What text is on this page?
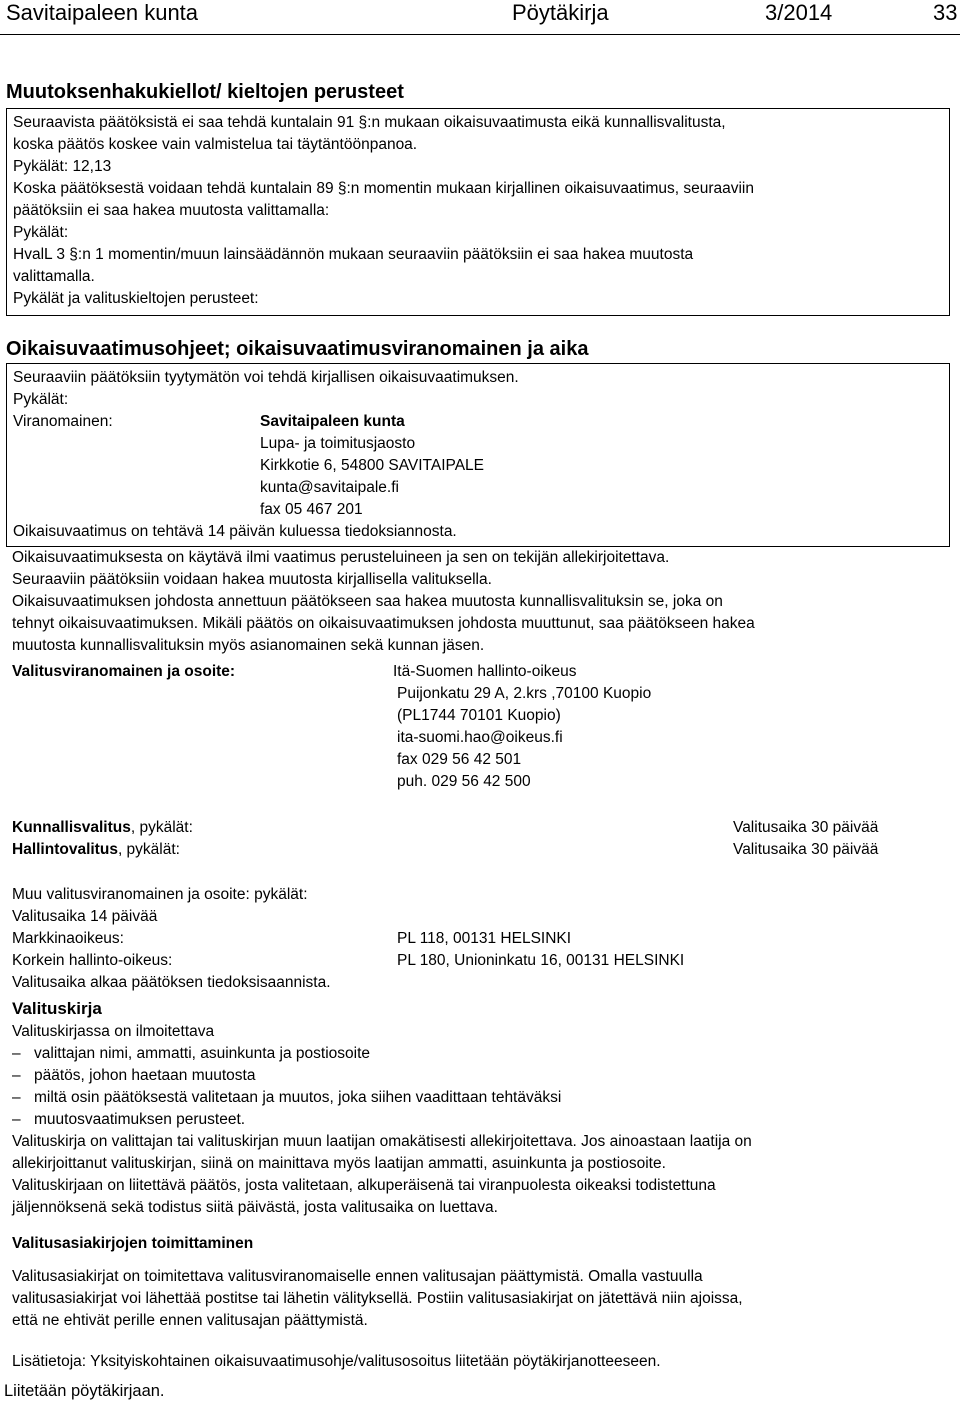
Savitaipaleen kunta	Pöytäkirja	3/2014	33
Muutoksenhakukiellot/ kieltojen perusteet
Seuraavista päätöksistä ei saa tehdä kuntalain 91 §:n mukaan oikaisuvaatimusta eikä kunnallisvalitusta,
koska päätös koskee vain valmistelua tai täytäntöönpanoa.
Pykälät: 12,13
Koska päätöksestä voidaan tehdä kuntalain 89 §:n momentin mukaan kirjallinen oikaisuvaatimus, seuraaviin
päätöksiin ei saa hakea muutosta valittamalla:
Pykälät:
HvalL 3 §:n 1 momentin/muun lainsäädännön mukaan seuraaviin päätöksiin ei saa hakea muutosta
valittamalla.
Pykälät ja valituskieltojen perusteet:
Oikaisuvaatimusohjeet; oikaisuvaatimusviranomainen ja aika
Seuraaviin päätöksiin tyytymätön voi tehdä kirjallisen oikaisuvaatimuksen.
Pykälät:
Viranomainen:	Savitaipaleen kunta
Lupa- ja toimitusjaosto
Kirkkotie 6, 54800 SAVITAIPALE
kunta@savitaipale.fi
fax 05 467 201
Oikaisuvaatimus on tehtävä 14 päivän kuluessa tiedoksiannosta.
Oikaisuvaatimuksesta on käytävä ilmi vaatimus perusteluineen ja sen on tekijän allekirjoitettava.
Seuraaviin päätöksiin voidaan hakea muutosta kirjallisella valituksella.
Oikaisuvaatimuksen johdosta annettuun päätökseen saa hakea muutosta kunnallisvalituksin se, joka on
tehnyt oikaisuvaatimuksen. Mikäli päätös on oikaisuvaatimuksen johdosta muuttunut, saa päätökseen hakea
muutosta kunnallisvalituksin myös asianomainen sekä kunnan jäsen.
Valitusviranomainen ja osoite:	Itä-Suomen hallinto-oikeus
Puijonkatu 29 A, 2.krs ,70100 Kuopio
(PL1744 70101 Kuopio)
ita-suomi.hao@oikeus.fi
fax 029 56 42 501
puh. 029 56 42 500
Kunnallisvalitus, pykälät:	Valitusaika 30 päivää
Hallintovalitus, pykälät:	Valitusaika 30 päivää
Muu valitusviranomainen ja osoite: pykälät:
Valitusaika 14 päivää
Markkinaoikeus:	PL 118, 00131 HELSINKI
Korkein hallinto-oikeus:	PL 180, Unioninkatu 16, 00131 HELSINKI
Valitusaika alkaa päätöksen tiedoksisaannista.
Valituskirja
Valituskirjassa on ilmoitettava
– valittajan nimi, ammatti, asuinkunta ja postiosoite
– päätös, johon haetaan muutosta
– miltä osin päätöksestä valitetaan ja muutos, joka siihen vaadittaan tehtäväksi
– muutosvaatimuksen perusteet.
Valituskirja on valittajan tai valituskirjan muun laatijan omakätisesti allekirjoitettava. Jos ainoastaan laatija on
allekirjoittanut valituskirjan, siinä on mainittava myös laatijan ammatti, asuinkunta ja postiosoite.
Valituskirjaan on liitettävä päätös, josta valitetaan, alkuperäisenä tai viranpuolesta oikeaksi todistettuna
jäljennöksenä sekä todistus siitä päivästä, josta valitusaika on luettava.
Valitusasiakirjojen toimittaminen
Valitusasiakirjat on toimitettava valitusviranomaiselle ennen valitusajan päättymistä. Omalla vastuulla
valitusasiakirjat voi lähettää postitse tai lähetin välityksellä. Postiin valitusasiakirjat on jätettävä niin ajoissa,
että ne ehtivät perille ennen valitusajan päättymistä.
Lisätietoja: Yksityiskohtainen oikaisuvaatimusohje/valitusosoitus liitetään pöytäkirjanotteeseen.
Liitetään pöytäkirjaan.
